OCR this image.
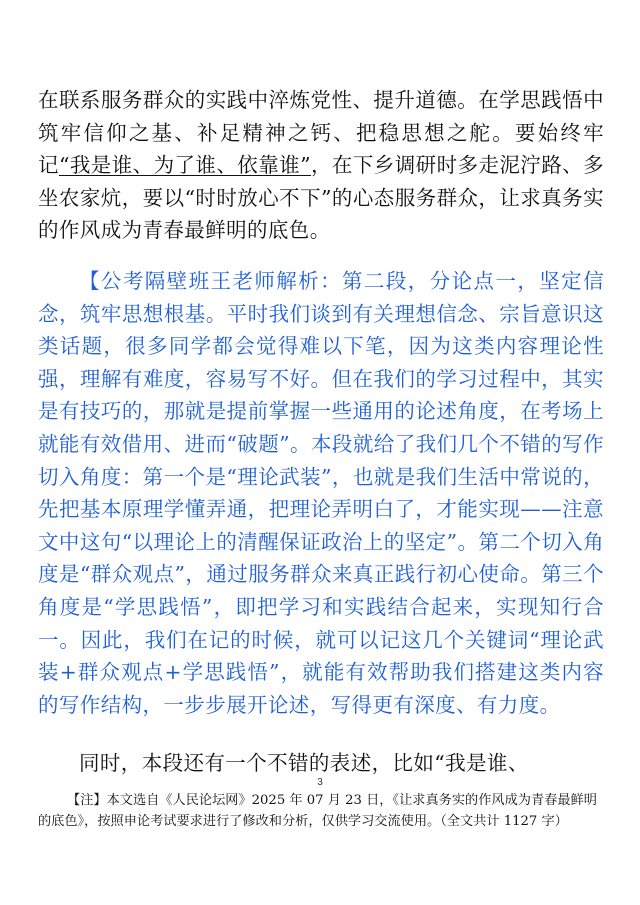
在联系服务群众的实践中淬炼党性、提升道德。在学思践悟中筑牢信仰之基、补足精神之钙、把稳思想之舵。要始终牢记“我是谁、为了谁、依靠谁”，在下乡调研时多走泥泞路、多坐农家炕，要以“时时放心不下”的心态服务群众，让求真务实的作风成为青春最鲜明的底色。
【公考隔壁班王老师解析：第二段，分论点一，坚定信念，筑牢思想根基。平时我们谈到有关理想信念、宗旨意识这类话题，很多同学都会觉得难以下笔，因为这类内容理论性强，理解有难度，容易写不好。但在我们的学习过程中，其实是有技巧的，那就是提前掌握一些通用的论述角度，在考场上就能有效借用、进而“破题”。本段就给了我们几个不错的写作切入角度：第一个是“理论武装”，也就是我们生活中常说的，先把基本原理学懂弄通，把理论弄明白了，才能实现——注意文中这句“以理论上的清醒保证政治上的坚定”。第二个切入角度是“群众观点”，通过服务群众来真正践行初心使命。第三个角度是“学思践悟”，即把学习和实践结合起来，实现知行合一。因此，我们在记的时候，就可以记这几个关键词“理论武装+群众观点+学思践悟”，就能有效帮助我们搭建这类内容的写作结构，一步步展开论述，写得更有深度、有力度。
同时，本段还有一个不错的表述，比如“我是谁、
3
【注】本文选自《人民论坛网》2025 年 07 月 23 日，《让求真务实的作风成为青春最鲜明的底色》，按照申论考试要求进行了修改和分析，仅供学习交流使用。（全文共计 1127 字）
